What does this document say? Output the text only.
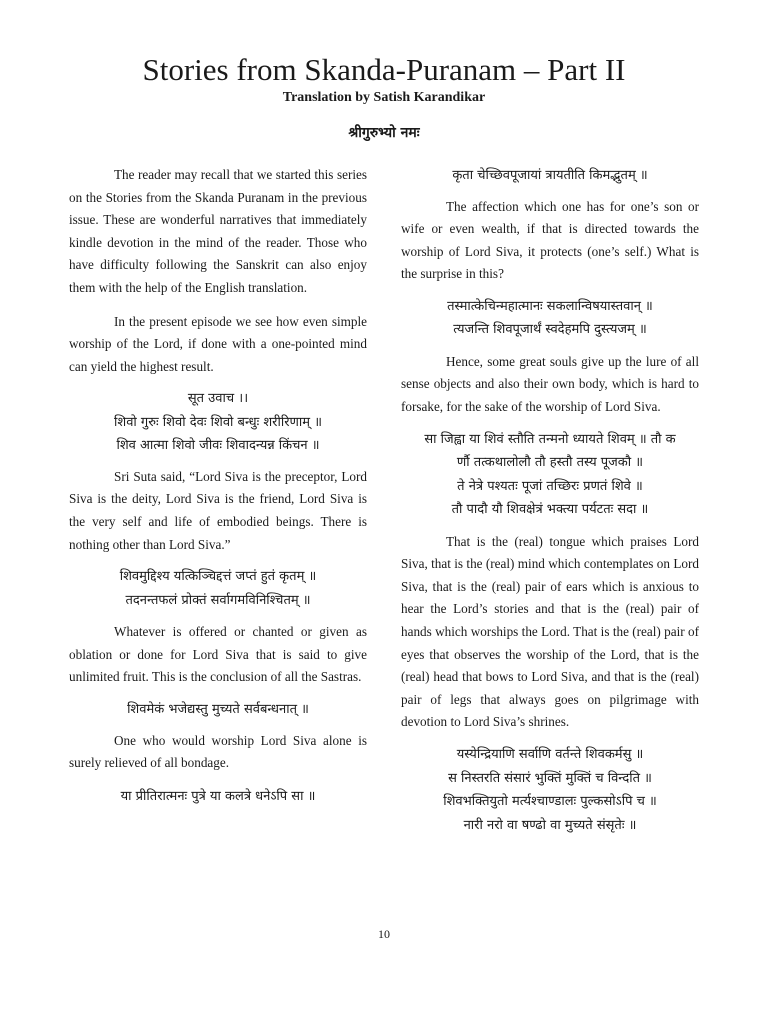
Stories from Skanda-Puranam – Part II
Translation by Satish Karandikar
श्रीगुरुभ्यो नमः

The reader may recall that we started this series on the Stories from the Skanda Puranam in the previous issue. These are wonderful narratives that immediately kindle devotion in the mind of the reader. Those who have difficulty following the Sanskrit can also enjoy them with the help of the English translation.

In the present episode we see how even simple worship of the Lord, if done with a one-pointed mind can yield the highest result.

सूत उवाच ।।
शिवो गुरुः शिवो देवः शिवो बन्धुः शरीरिणाम् ॥
शिव आत्मा शिवो जीवः शिवादन्यन्न किंचन ॥

Sri Suta said, “Lord Siva is the preceptor, Lord Siva is the deity, Lord Siva is the friend, Lord Siva is the very self and life of embodied beings. There is nothing other than Lord Siva.”

शिवमुद्दिश्य यत्किञ्चिद्दत्तं जप्तं हुतं कृतम् ॥
तदनन्तफलं प्रोक्तं सर्वागमविनिश्चितम् ॥

Whatever is offered or chanted or given as oblation or done for Lord Siva that is said to give unlimited fruit. This is the conclusion of all the Sastras.

शिवमेकं भजेद्यस्तु मुच्यते सर्वबन्धनात् ॥

One who would worship Lord Siva alone is surely relieved of all bondage.

या प्रीतिरात्मनः पुत्रे या कलत्रे धनेऽपि सा ॥
कृता चेच्छिवपूजायां त्रायतीति किमद्भुतम् ॥

The affection which one has for one’s son or wife or even wealth, if that is directed towards the worship of Lord Siva, it protects (one’s self.) What is the surprise in this?

तस्मात्केचिन्महात्मानः सकलान्विषयास्तवान् ॥
त्यजन्ति शिवपूजार्थं स्वदेहमपि दुस्त्यजम् ॥

Hence, some great souls give up the lure of all sense objects and also their own body, which is hard to forsake, for the sake of the worship of Lord Siva.

सा जिह्वा या शिवं स्तौति तन्मनो ध्यायते शिवम् ॥ तौ क
र्णौ तत्कथालोलौ तौ हस्तौ तस्य पूजकौ ॥
ते नेत्रे पश्यतः पूजां तच्छिरः प्रणतं शिवे ॥
तौ पादौ यौ शिवक्षेत्रं भक्त्या पर्यटतः सदा ॥

That is the (real) tongue which praises Lord Siva, that is the (real) mind which contemplates on Lord Siva, that is the (real) pair of ears which is anxious to hear the Lord’s stories and that is the (real) pair of hands which worships the Lord. That is the (real) pair of eyes that observes the worship of the Lord, that is the (real) head that bows to Lord Siva, and that is the (real) pair of legs that always goes on pilgrimage with devotion to Lord Siva’s shrines.

यस्येन्द्रियाणि सर्वाणि वर्तन्ते शिवकर्मसु ॥
स निस्तरति संसारं भुक्तिं मुक्तिं च विन्दति ॥
शिवभक्तियुतो मर्त्यश्चाण्डालः पुल्कसोऽपि च ॥
नारी नरो वा षण्ढो वा मुच्यते संसृतेः ॥
10
